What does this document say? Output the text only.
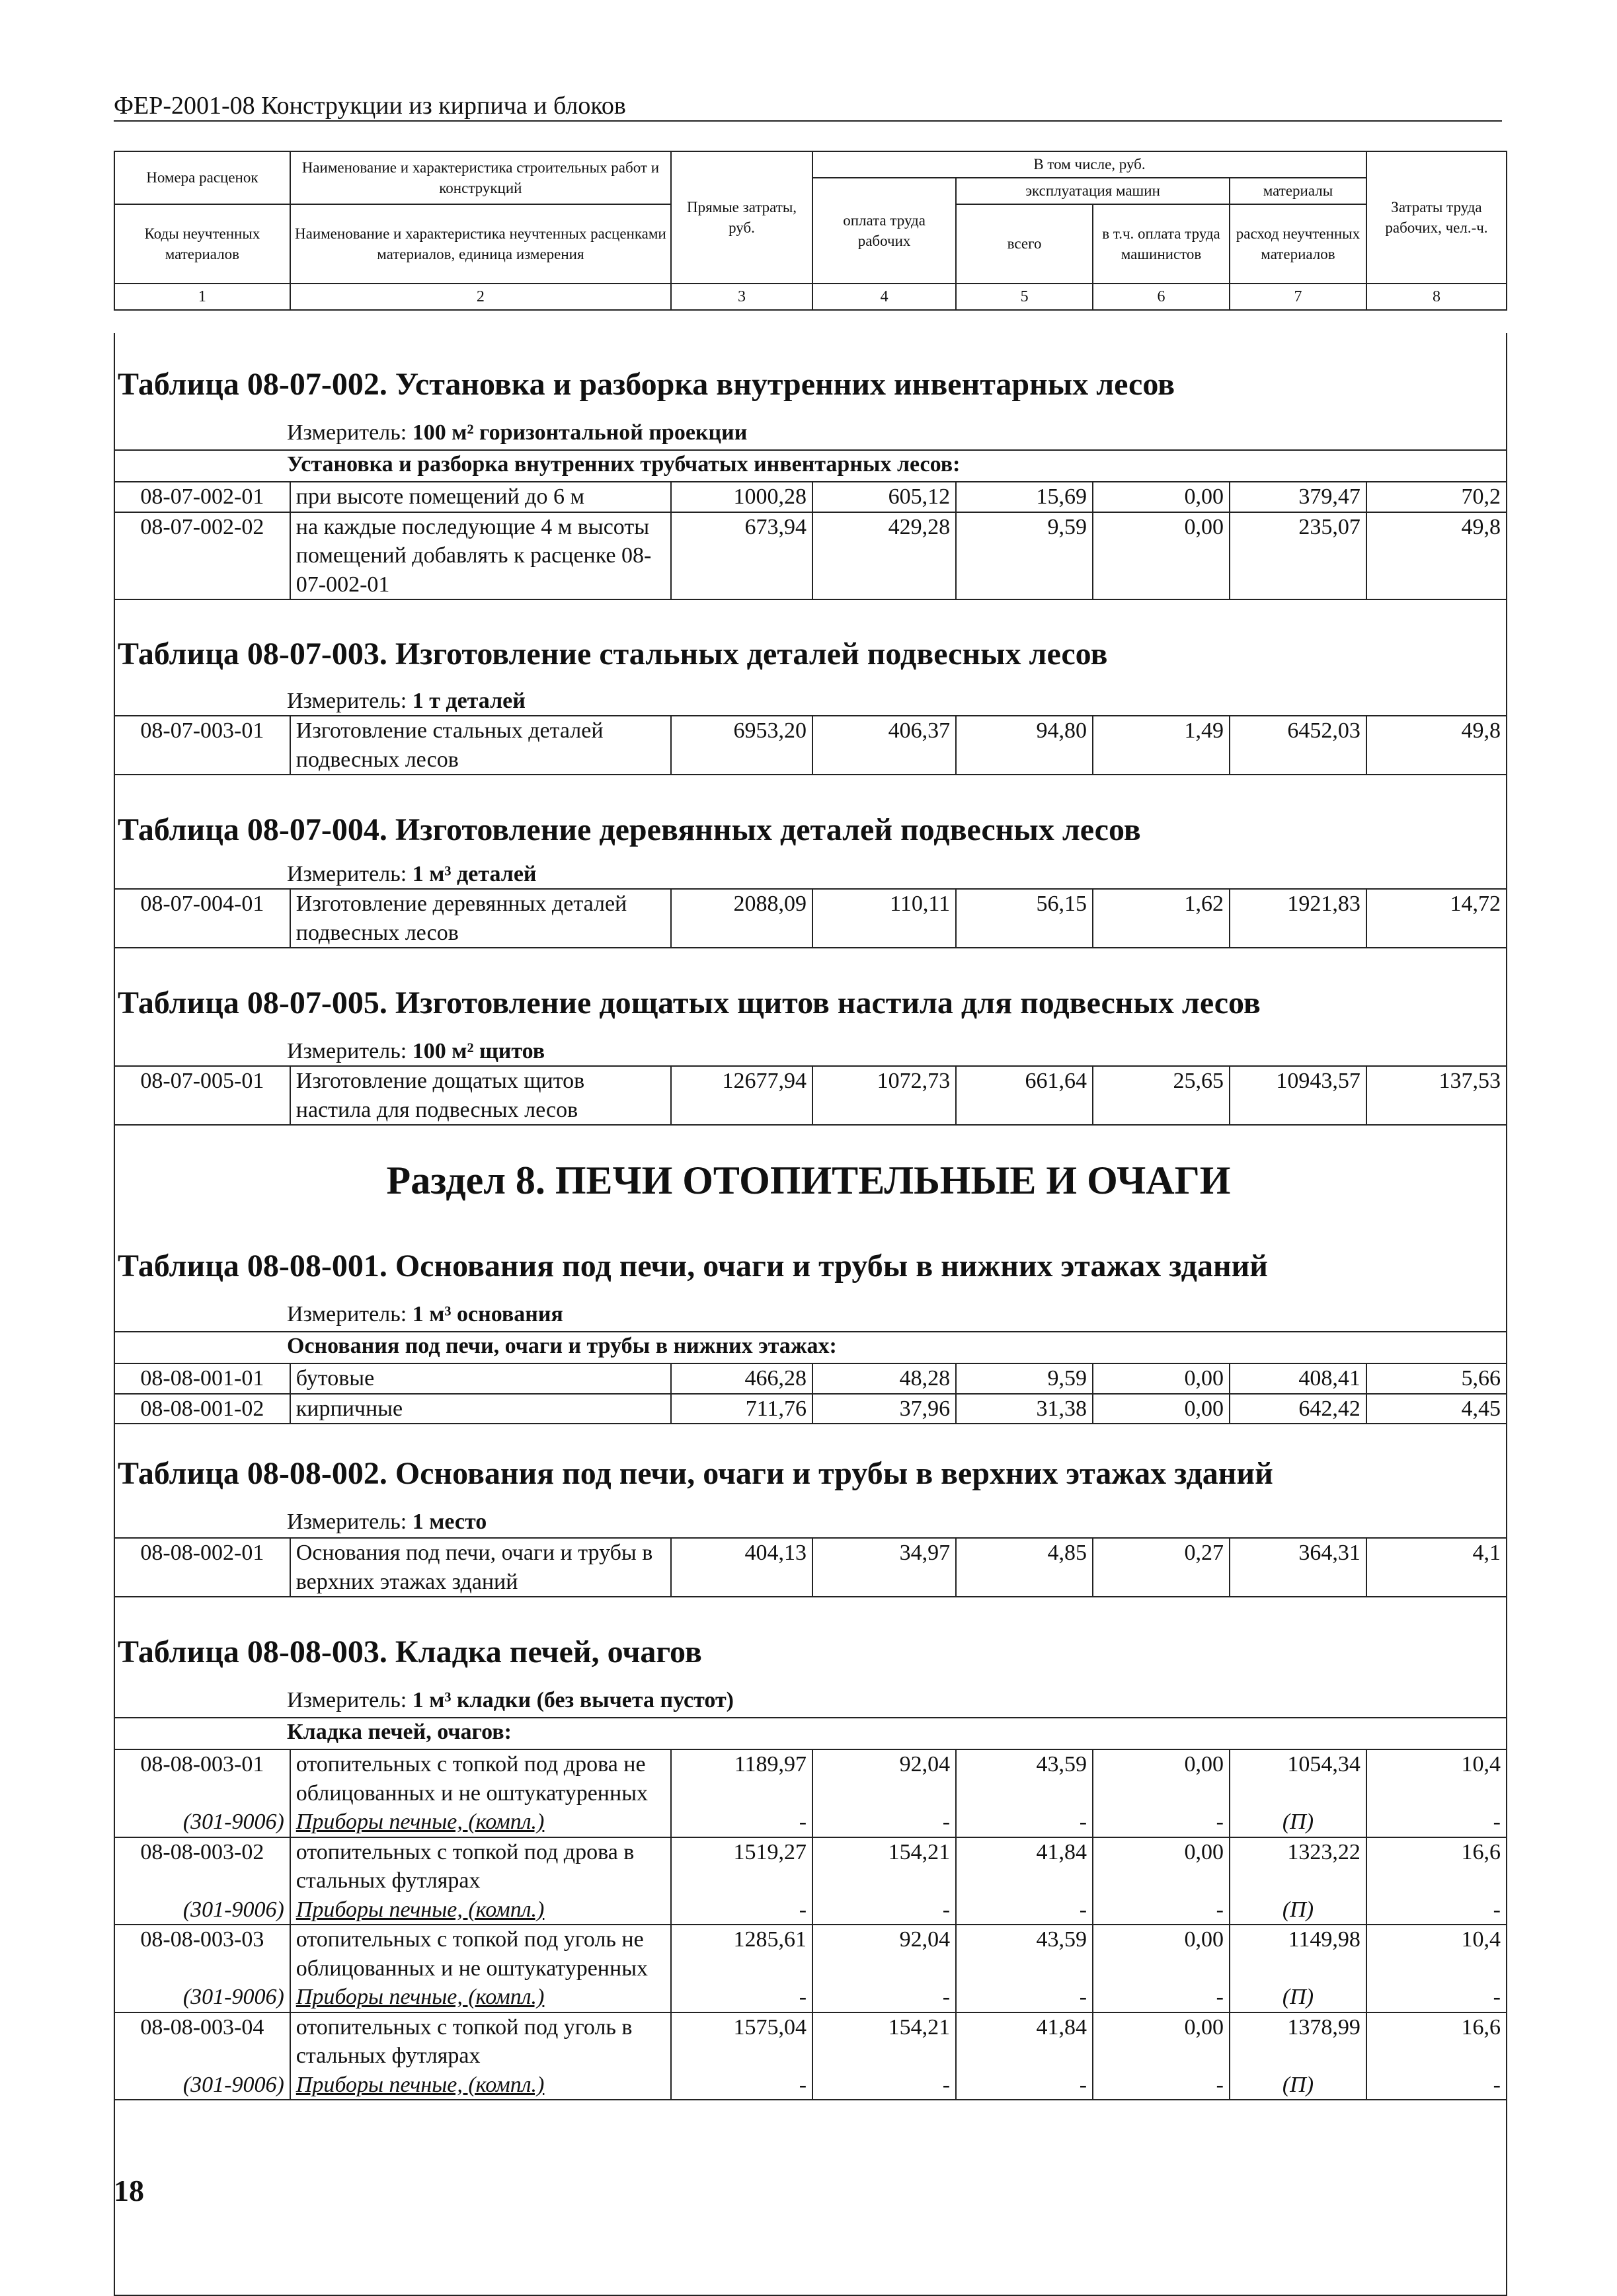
ФЕР-2001-08 Конструкции из кирпича и блоков
Номера расценок	Наименование и характеристика строительных работ и конструкций	Прямые затраты, руб.	В том числе, руб.				Затраты труда рабочих, чел.-ч.
			оплата труда рабочих	эксплуатация машин		материалы	
Коды неучтенных материалов	Наименование и характеристика неучтенных расценками материалов, единица измерения			всего	в т.ч. оплата труда машинистов	расход неучтенных материалов	

1	2	3	4	5	6	7	8
Таблица 08-07-002. Установка и разборка внутренних инвентарных лесов
Измеритель: 100 м² горизонтальной проекции
Установка и разборка внутренних трубчатых инвентарных лесов:
08-07-002-01	при высоте помещений до 6 м	1000,28	605,12	15,69	0,00	379,47	70,2
08-07-002-02	на каждые последующие 4 м высоты помещений добавлять к расценке 08-07-002-01	673,94	429,28	9,59	0,00	235,07	49,8
Таблица 08-07-003. Изготовление стальных деталей подвесных лесов
Измеритель: 1 т деталей
08-07-003-01	Изготовление стальных деталей подвесных лесов	6953,20	406,37	94,80	1,49	6452,03	49,8
Таблица 08-07-004. Изготовление деревянных деталей подвесных лесов
Измеритель: 1 м³ деталей
08-07-004-01	Изготовление деревянных деталей подвесных лесов	2088,09	110,11	56,15	1,62	1921,83	14,72
Таблица 08-07-005. Изготовление дощатых щитов настила для подвесных лесов
Измеритель: 100 м² щитов
08-07-005-01	Изготовление дощатых щитов настила для подвесных лесов	12677,94	1072,73	661,64	25,65	10943,57	137,53
Раздел 8. ПЕЧИ ОТОПИТЕЛЬНЫЕ И ОЧАГИ
Таблица 08-08-001. Основания под печи, очаги и трубы в нижних этажах зданий
Измеритель: 1 м³ основания
Основания под печи, очаги и трубы в нижних этажах:
08-08-001-01	бутовые	466,28	48,28	9,59	0,00	408,41	5,66
08-08-001-02	кирпичные	711,76	37,96	31,38	0,00	642,42	4,45
Таблица 08-08-002. Основания под печи, очаги и трубы в верхних этажах зданий
Измеритель: 1 место
08-08-002-01	Основания под печи, очаги и трубы в верхних этажах зданий	404,13	34,97	4,85	0,27	364,31	4,1
Таблица 08-08-003. Кладка печей, очагов
Измеритель: 1 м³ кладки (без вычета пустот)
Кладка печей, очагов:
08-08-003-01	отопительных с топкой под дрова не облицованных и не оштукатуренных	1189,97	92,04	43,59	0,00	1054,34	10,4
(301-9006)	Приборы печные, (компл.)	-	-	-	-	(П)	-
08-08-003-02	отопительных с топкой под дрова в стальных футлярах	1519,27	154,21	41,84	0,00	1323,22	16,6
(301-9006)	Приборы печные, (компл.)	-	-	-	-	(П)	-
08-08-003-03	отопительных с топкой под уголь не облицованных и не оштукатуренных	1285,61	92,04	43,59	0,00	1149,98	10,4
(301-9006)	Приборы печные, (компл.)	-	-	-	-	(П)	-
08-08-003-04	отопительных с топкой под уголь в стальных футлярах	1575,04	154,21	41,84	0,00	1378,99	16,6
(301-9006)	Приборы печные, (компл.)	-	-	-	-	(П)	-
18
